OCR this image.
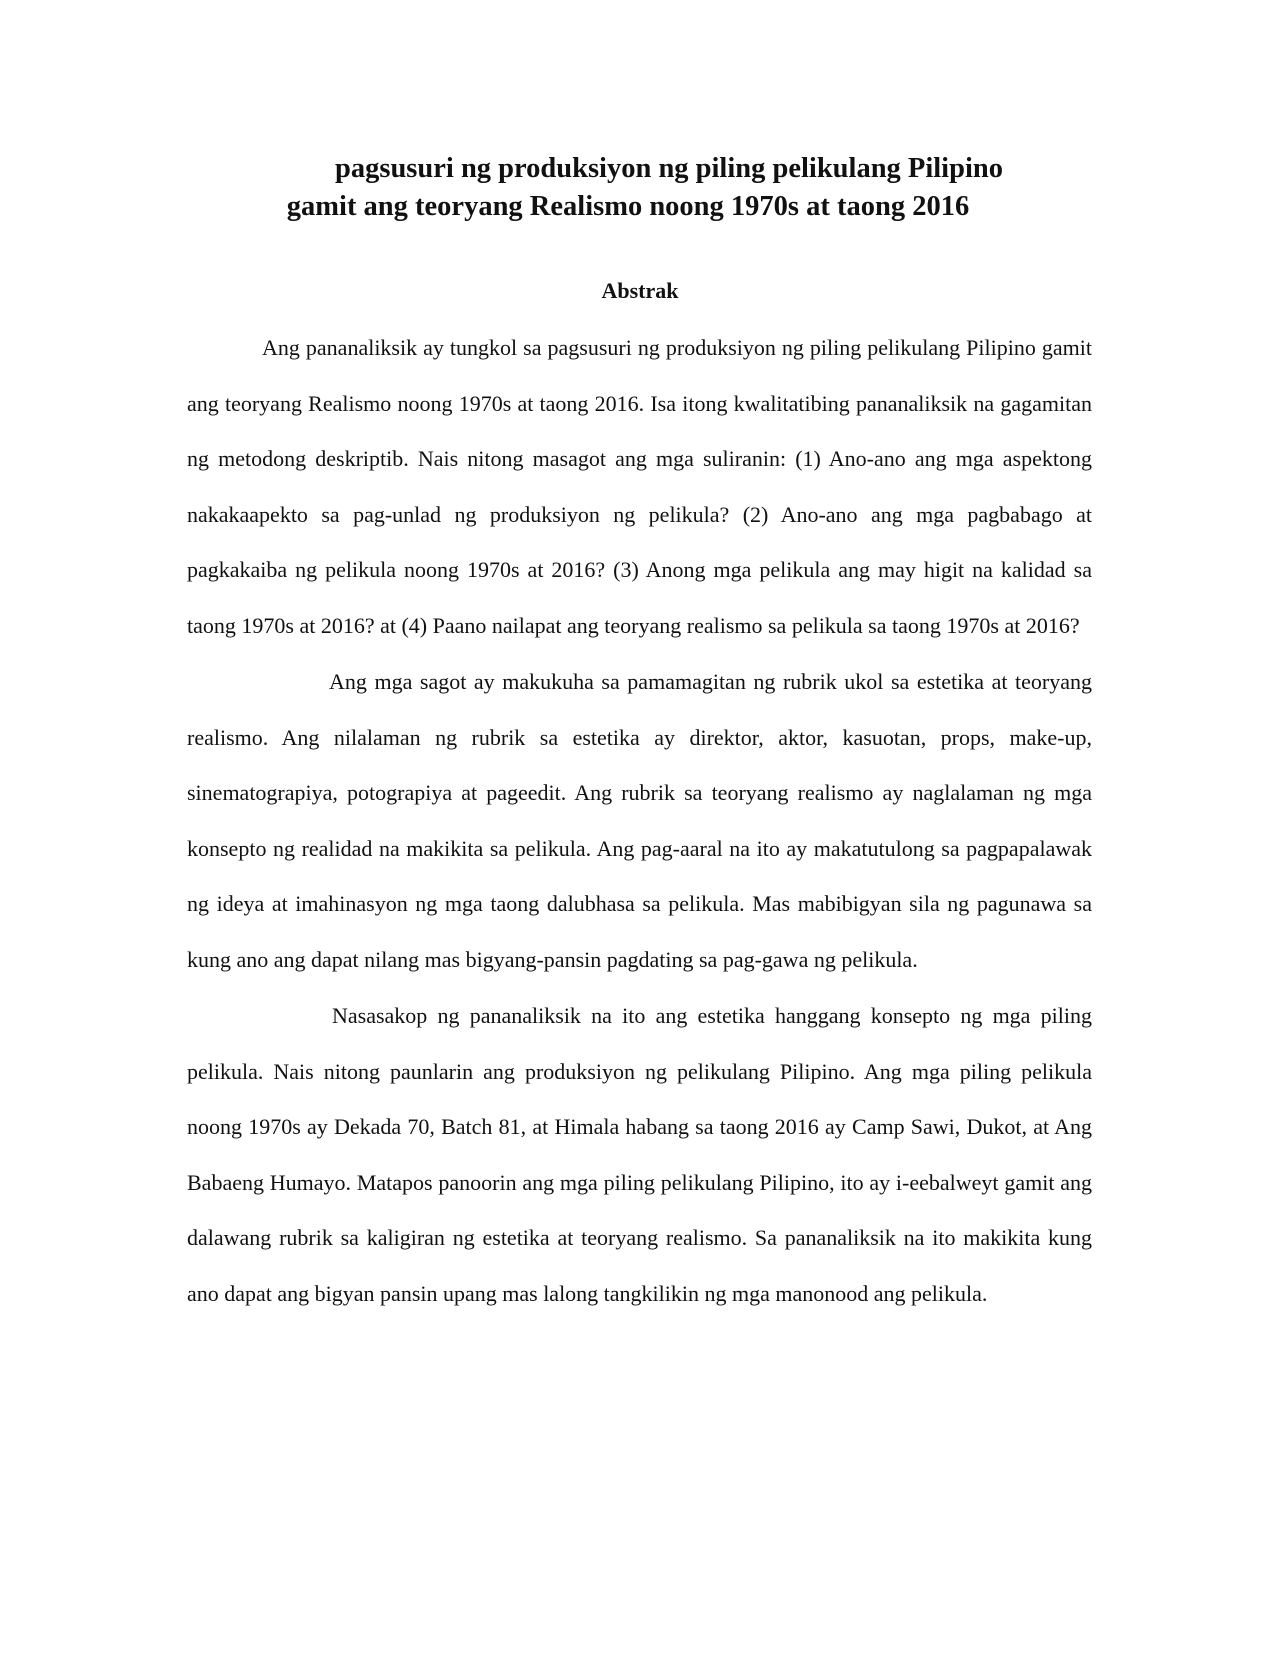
pagsusuri ng produksiyon ng piling pelikulang Pilipino
gamit ang teoryang Realismo noong 1970s at taong 2016
Abstrak

Ang pananaliksik ay tungkol sa pagsusuri ng produksiyon ng piling pelikulang Pilipino gamit ang teoryang Realismo noong 1970s at taong 2016. Isa itong kwalitatibing pananaliksik na gagamitan ng metodong deskriptib. Nais nitong masagot ang mga suliranin: (1) Ano-ano ang mga aspektong nakakaapekto sa pag-unlad ng produksiyon ng pelikula? (2) Ano-ano ang mga pagbabago at pagkakaiba ng pelikula noong 1970s at 2016? (3) Anong mga pelikula ang may higit na kalidad sa taong 1970s at 2016? at (4) Paano nailapat ang teoryang realismo sa pelikula sa taong 1970s at 2016?

Ang mga sagot ay makukuha sa pamamagitan ng rubrik ukol sa estetika at teoryang realismo. Ang nilalaman ng rubrik sa estetika ay direktor, aktor, kasuotan, props, make-up, sinematograpiya, potograpiya at pageedit. Ang rubrik sa teoryang realismo ay naglalaman ng mga konsepto ng realidad na makikita sa pelikula. Ang pag-aaral na ito ay makatutulong sa pagpapalawak ng ideya at imahinasyon ng mga taong dalubhasa sa pelikula. Mas mabibigyan sila ng pagunawa sa kung ano ang dapat nilang mas bigyang-pansin pagdating sa pag-gawa ng pelikula.

Nasasakop ng pananaliksik na ito ang estetika hanggang konsepto ng mga piling pelikula. Nais nitong paunlarin ang produksiyon ng pelikulang Pilipino. Ang mga piling pelikula noong 1970s ay Dekada 70, Batch 81, at Himala habang sa taong 2016 ay Camp Sawi, Dukot, at Ang Babaeng Humayo. Matapos panoorin ang mga piling pelikulang Pilipino, ito ay i-eebalweyt gamit ang dalawang rubrik sa kaligiran ng estetika at teoryang realismo. Sa pananaliksik na ito makikita kung ano dapat ang bigyan pansin upang mas lalong tangkilikin ng mga manonood ang pelikula.
